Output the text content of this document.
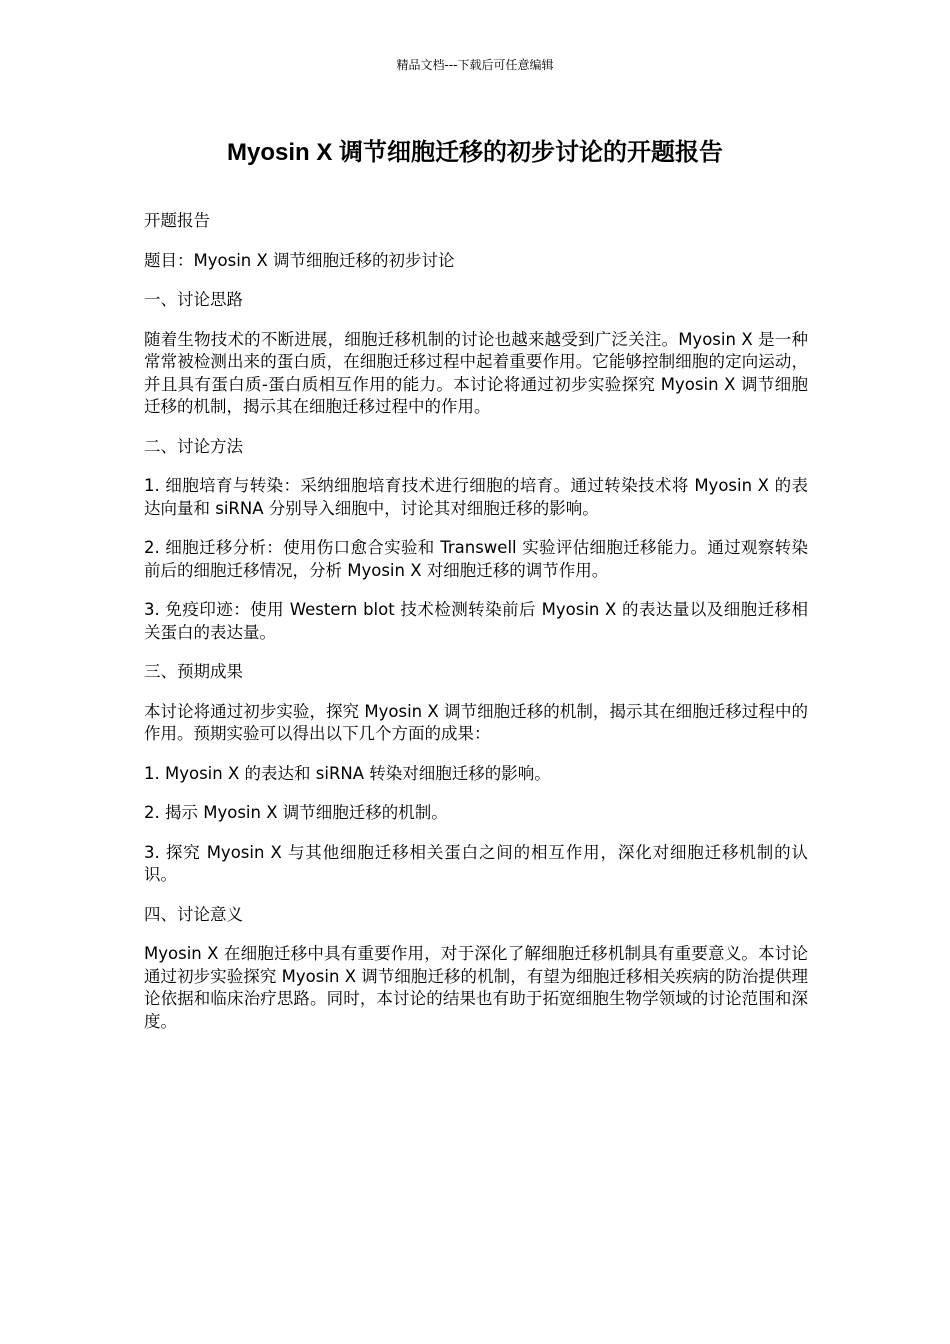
精品文档---下载后可任意编辑
Myosin X 调节细胞迁移的初步讨论的开题报告

开题报告

题目：Myosin X 调节细胞迁移的初步讨论

一、讨论思路

随着生物技术的不断进展，细胞迁移机制的讨论也越来越受到广泛关注。Myosin X 是一种常常被检测出来的蛋白质，在细胞迁移过程中起着重要作用。它能够控制细胞的定向运动，并且具有蛋白质-蛋白质相互作用的能力。本讨论将通过初步实验探究 Myosin X 调节细胞迁移的机制，揭示其在细胞迁移过程中的作用。

二、讨论方法

1. 细胞培育与转染：采纳细胞培育技术进行细胞的培育。通过转染技术将 Myosin X 的表达向量和 siRNA 分别导入细胞中，讨论其对细胞迁移的影响。

2. 细胞迁移分析：使用伤口愈合实验和 Transwell 实验评估细胞迁移能力。通过观察转染前后的细胞迁移情况，分析 Myosin X 对细胞迁移的调节作用。

3. 免疫印迹：使用 Western blot 技术检测转染前后 Myosin X 的表达量以及细胞迁移相关蛋白的表达量。

三、预期成果

本讨论将通过初步实验，探究 Myosin X 调节细胞迁移的机制，揭示其在细胞迁移过程中的作用。预期实验可以得出以下几个方面的成果：

1. Myosin X 的表达和 siRNA 转染对细胞迁移的影响。

2. 揭示 Myosin X 调节细胞迁移的机制。

3. 探究 Myosin X 与其他细胞迁移相关蛋白之间的相互作用，深化对细胞迁移机制的认识。

四、讨论意义

Myosin X 在细胞迁移中具有重要作用，对于深化了解细胞迁移机制具有重要意义。本讨论通过初步实验探究 Myosin X 调节细胞迁移的机制，有望为细胞迁移相关疾病的防治提供理论依据和临床治疗思路。同时，本讨论的结果也有助于拓宽细胞生物学领域的讨论范围和深度。
